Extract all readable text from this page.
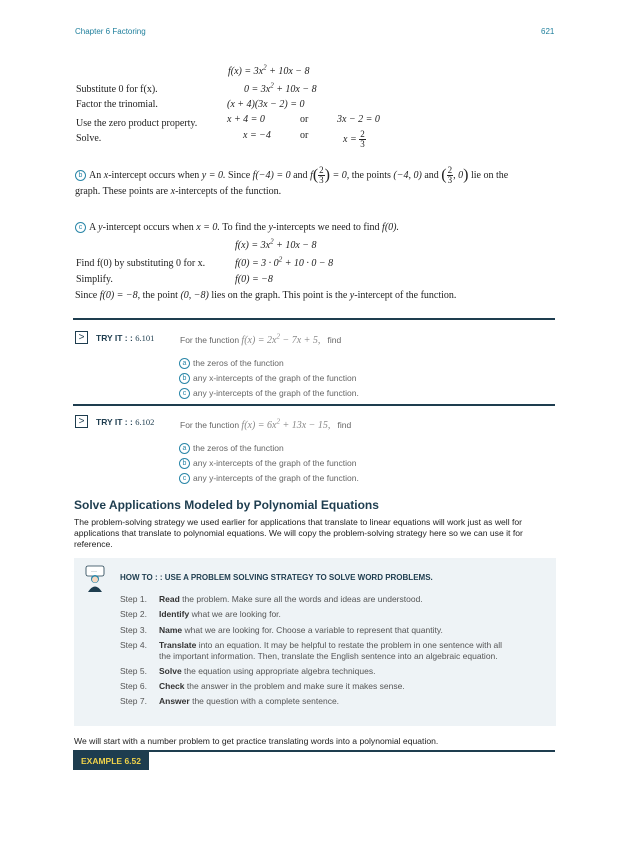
Chapter 6 Factoring	621
$f(x) = 3x^2 + 10x - 8$
Substitute 0 for f(x).	$0 = 3x^2 + 10x - 8$
Factor the trinomial.	(x + 4)(3x − 2) = 0
Use the zero product property.	x + 4 = 0	or	3x − 2 = 0
Solve.	x = −4	or	$x = \frac{2}{3}$
b An x-intercept occurs when y = 0. Since f(−4) = 0 and $f( \frac{2}{3}$ ) = 0, the points (−4, 0) and ( $\frac{2}{3}$ , 0) lie on the
graph. These points are x-intercepts of the function.
c A y-intercept occurs when x = 0. To find the y-intercepts we need to find f(0).
$f(x) = 3x^2 + 10x - 8$
Find f(0) by substituting 0 for x.	$f(0) = 3 \cdot 0^2 + 10 \cdot 0 - 8$
Simplify.	f(0) = −8
Since f(0) = −8, the point (0, −8) lies on the graph. This point is the y-intercept of the function.
>	TRY IT : : 6.101	For the function $f(x) = 2x^2 - 7x + 5$, find
a the zeros of the function
b any x-intercepts of the graph of the function
c any y-intercepts of the graph of the function.
>	TRY IT : : 6.102	For the function $f(x) = 6x^2 + 13x - 15$, find
a the zeros of the function
b any x-intercepts of the graph of the function
c any y-intercepts of the graph of the function.
Solve Applications Modeled by Polynomial Equations
The problem-solving strategy we used earlier for applications that translate to linear equations will work just as well for
applications that translate to polynomial equations. We will copy the problem-solving strategy here so we can use it for
reference.
···
HOW TO : : USE A PROBLEM SOLVING STRATEGY TO SOLVE WORD PROBLEMS.
Step 1. Read the problem. Make sure all the words and ideas are understood.
Step 2. Identify what we are looking for.
Step 3. Name what we are looking for. Choose a variable to represent that quantity.
Step 4. Translate into an equation. It may be helpful to restate the problem in one sentence with all
the important information. Then, translate the English sentence into an algebraic equation.
Step 5. Solve the equation using appropriate algebra techniques.
Step 6. Check the answer in the problem and make sure it makes sense.
Step 7. Answer the question with a complete sentence.
We will start with a number problem to get practice translating words into a polynomial equation.
EXAMPLE 6.52
